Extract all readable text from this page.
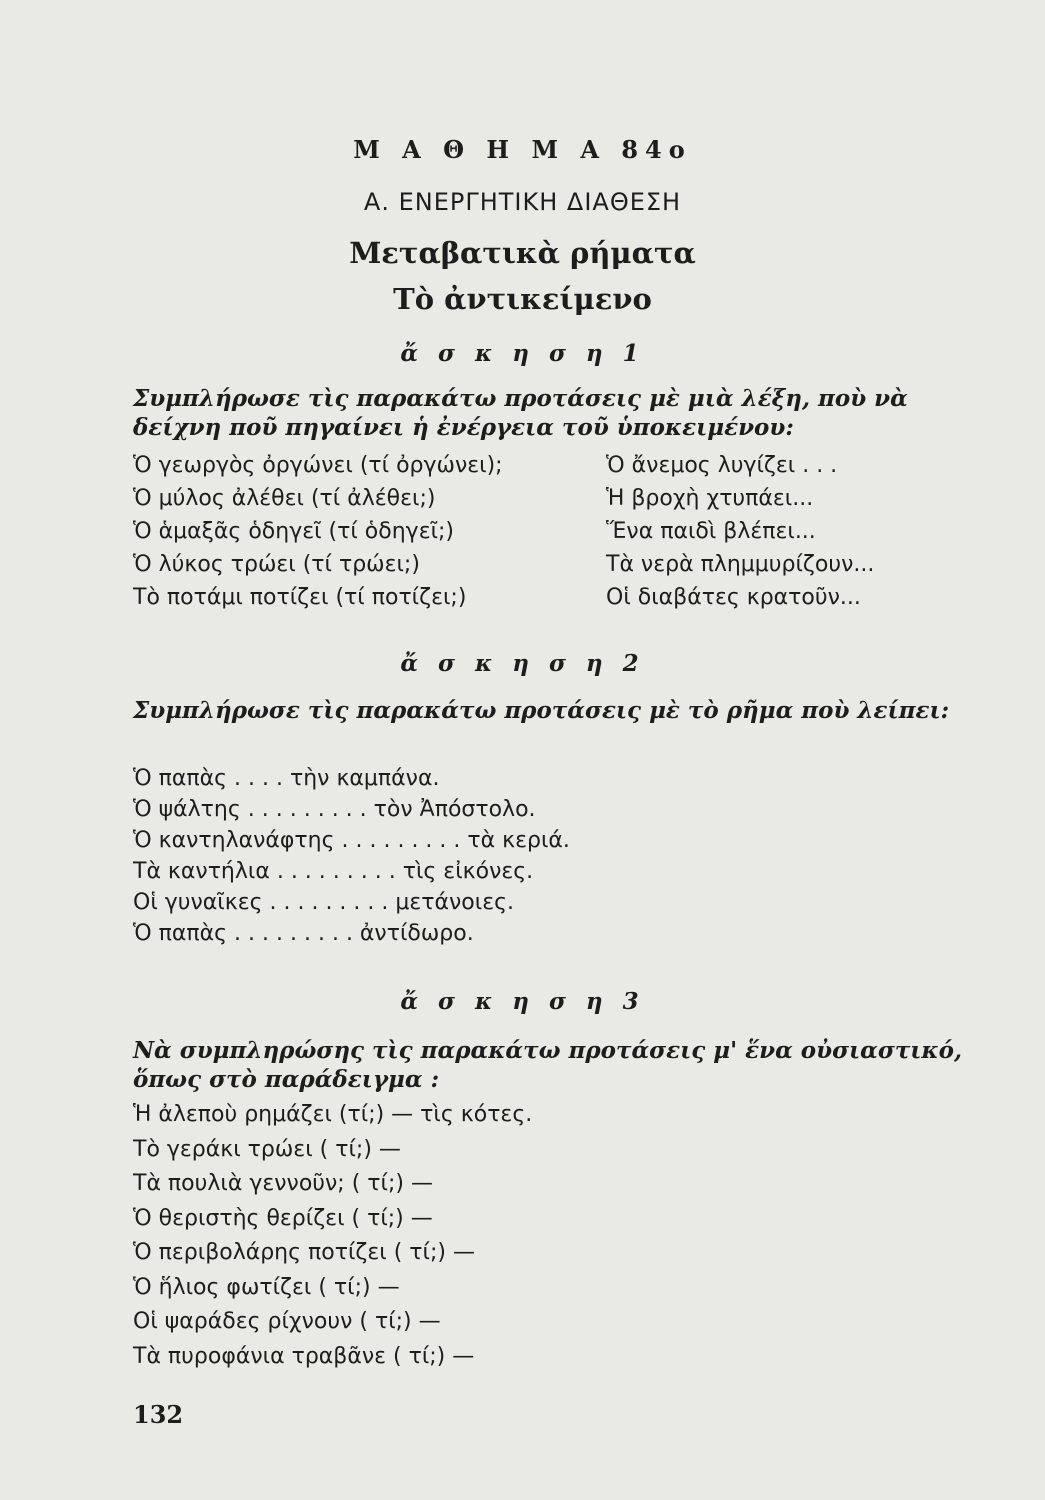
Μ Α Θ Η Μ Α 84ο
Α. ΕΝΕΡΓΗΤΙΚΗ ΔΙΑΘΕΣΗ
Μεταβατικὰ ρήματα
Τὸ ἀντικείμενο
ἄ σ κ η σ η 1
Συμπλήρωσε τὶς παρακάτω προτάσεις μὲ μιὰ λέξη, ποὺ νὰ δείχνη ποῦ πηγαίνει ἡ ἐνέργεια τοῦ ὑποκειμένου:
Ὁ γεωργὸς ὀργώνει (τί ὀργώνει);	Ὁ ἄνεμος λυγίζει . . .
Ὁ μύλος ἀλέθει (τί ἀλέθει;)	Ἡ βροχὴ χτυπάει...
Ὁ ἁμαξᾶς ὁδηγεῖ (τί ὁδηγεῖ;)	Ἕνα παιδὶ βλέπει...
Ὁ λύκος τρώει (τί τρώει;)	Τὰ νερὰ πλημμυρίζουν...
Τὸ ποτάμι ποτίζει (τί ποτίζει;)	Οἱ διαβάτες κρατοῦν...
ἄ σ κ η σ η 2
Συμπλήρωσε τὶς παρακάτω προτάσεις μὲ τὸ ρῆμα ποὺ λείπει:
Ὁ παπὰς . . . . τὴν καμπάνα.
Ὁ ψάλτης . . . . . . . . . τὸν Ἀπόστολο.
Ὁ καντηλανάφτης . . . . . . . . . τὰ κεριά.
Τὰ καντήλια . . . . . . . . . τὶς εἰκόνες.
Οἱ γυναῖκες . . . . . . . . . μετάνοιες.
Ὁ παπὰς . . . . . . . . . ἀντίδωρο.
ἄ σ κ η σ η 3
Νὰ συμπληρώσης τὶς παρακάτω προτάσεις μ' ἕνα οὐσιαστικό, ὅπως στὸ παράδειγμα :
Ἡ ἀλεποὺ ρημάζει (τί;) — τὶς κότες.
Τὸ γεράκι τρώει ( τί;) —
Τὰ πουλιὰ γεννοῦν; ( τί;) —
Ὁ θεριστὴς θερίζει ( τί;) —
Ὁ περιβολάρης ποτίζει ( τί;) —
Ὁ ἥλιος φωτίζει ( τί;) —
Οἱ ψαράδες ρίχνουν ( τί;) —
Τὰ πυροφάνια τραβᾶνε ( τί;) —
132
